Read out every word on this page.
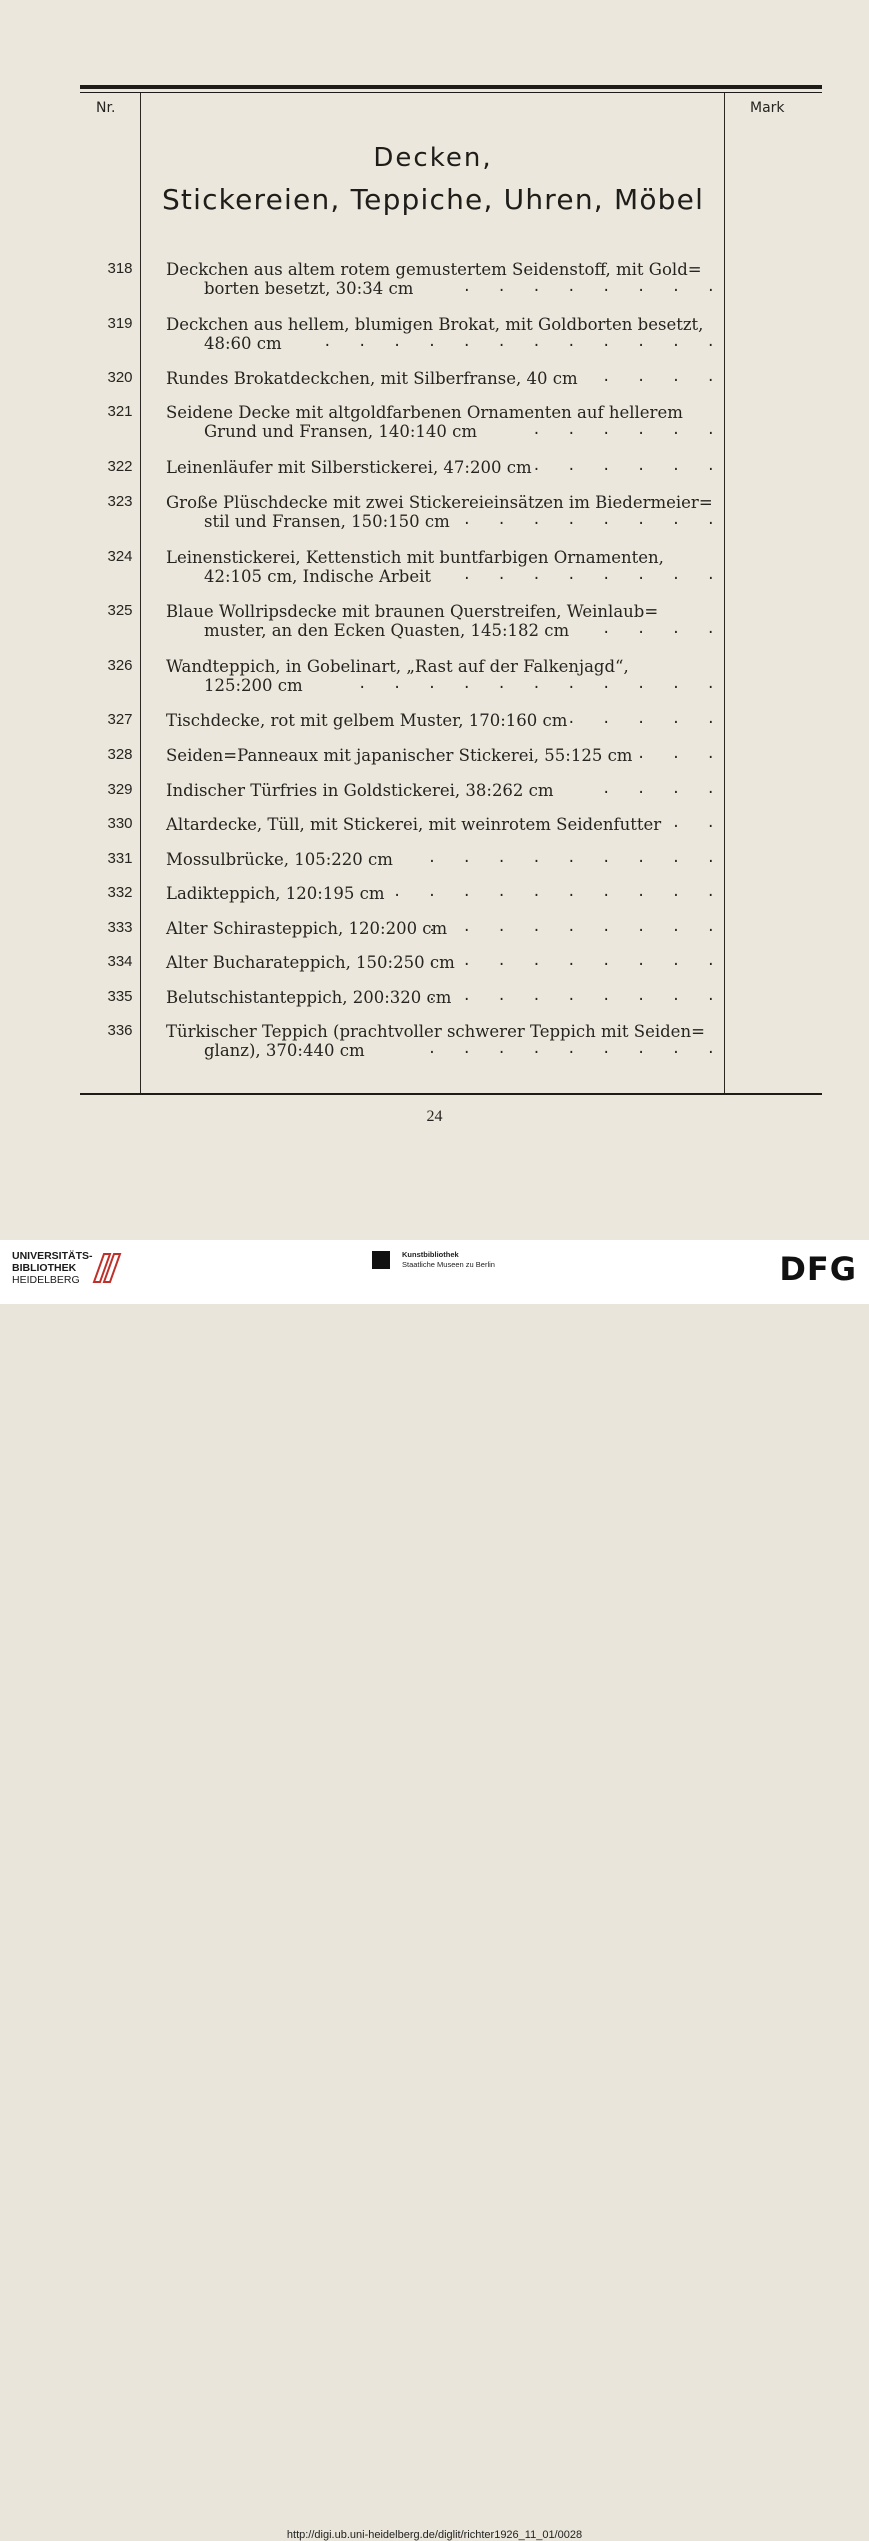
Nr.	Mark
Decken,
Stickereien, Teppiche, Uhren, Möbel
318	Deckchen aus altem rotem gemustertem Seidenstoff, mit Gold=
borten besetzt, 30:34 cm	. . . . . . . .
319	Deckchen aus hellem, blumigen Brokat, mit Goldborten besetzt,
48:60 cm	. . . . . . . . . . . .
320	Rundes Brokatdeckchen, mit Silberfranse, 40 cm . . . .
321	Seidene Decke mit altgoldfarbenen Ornamenten auf hellerem
Grund und Fransen, 140:140 cm	. . . . . .
322	Leinenläufer mit Silberstickerei, 47:200 cm . . . . . .
323	Große Plüschdecke mit zwei Stickereieinsätzen im Biedermeier=
stil und Fransen, 150:150 cm . . . . . . . .
324	Leinenstickerei, Kettenstich mit buntfarbigen Ornamenten,
42:105 cm, Indische Arbeit . . . . . . . .
325	Blaue Wollripsdecke mit braunen Querstreifen, Weinlaub=
muster, an den Ecken Quasten, 145:182 cm . . . .
326	Wandteppich, in Gobelinart, „Rast auf der Falkenjagd“,
125:200 cm	. . . . . . . . . . .
327	Tischdecke, rot mit gelbem Muster, 170:160 cm . . . . .
328	Seiden=Panneaux mit japanischer Stickerei, 55:125 cm . . .
329	Indischer Türfries in Goldstickerei, 38:262 cm	. . . .
330	Altardecke, Tüll, mit Stickerei, mit weinrotem Seidenfutter . .
331	Mossulbrücke, 105:220 cm . . . . . . . . .
332	Ladikteppich, 120:195 cm . . . . . . . . . .
333	Alter Schirasteppich, 120:200 cm
. . . . . . . . .
334	Alter Bucharateppich, 150:250 cm
. . . . . . . . .
335	Belutschistanteppich, 200:320 cm
. . . . . . . . .
336	Türkischer Teppich (prachtvoller schwerer Teppich mit Seiden=
glanz), 370:440 cm	. . . . . . . . .
24
UNIVERSITÄTS-
BIBLIOTHEK
HEIDELBERG
Kunstbibliothek
Staatliche Museen zu Berlin	DFG
http://digi.ub.uni-heidelberg.de/diglit/richter1926_11_01/0028
